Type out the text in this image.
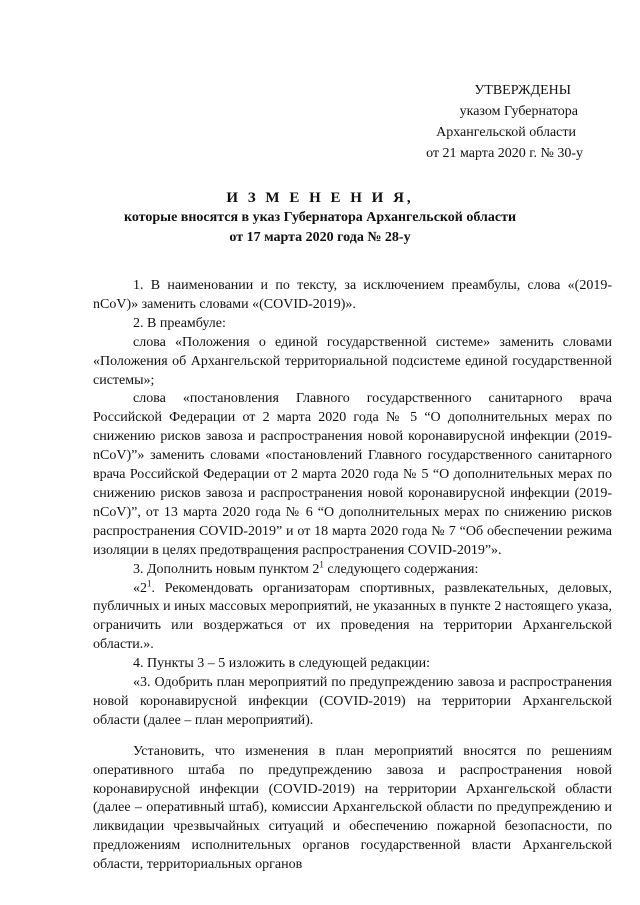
УТВЕРЖДЕНЫ
указом Губернатора
Архангельской области
от 21 марта 2020 г. № 30-у
И З М Е Н Е Н И Я,
которые вносятся в указ Губернатора Архангельской области
от 17 марта 2020 года № 28-у

1. В наименовании и по тексту, за исключением преамбулы, слова «(2019-nCoV)» заменить словами «(COVID-2019)».

2. В преамбуле:

слова «Положения о единой государственной системе» заменить словами «Положения об Архангельской территориальной подсистеме единой государственной системы»;

слова «постановления Главного государственного санитарного врача Российской Федерации от 2 марта 2020 года № 5 “О дополнительных мерах по снижению рисков завоза и распространения новой коронавирусной инфекции (2019-nCoV)”» заменить словами «постановлений Главного государственного санитарного врача Российской Федерации от 2 марта 2020 года № 5 “О дополнительных мерах по снижению рисков завоза и распространения новой коронавирусной инфекции (2019-nCoV)”, от 13 марта 2020 года № 6 “О дополнительных мерах по снижению рисков распространения COVID-2019” и от 18 марта 2020 года № 7 “Об обеспечении режима изоляции в целях предотвращения распространения COVID-2019”».

3. Дополнить новым пунктом $2^1$ следующего содержания:

«$2^1$. Рекомендовать организаторам спортивных, развлекательных, деловых, публичных и иных массовых мероприятий, не указанных в пункте 2 настоящего указа, ограничить или воздержаться от их проведения на территории Архангельской области.».

4. Пункты 3 – 5 изложить в следующей редакции:

«3. Одобрить план мероприятий по предупреждению завоза и распространения новой коронавирусной инфекции (COVID-2019) на территории Архангельской области (далее – план мероприятий).

Установить, что изменения в план мероприятий вносятся по решениям оперативного штаба по предупреждению завоза и распространения новой коронавирусной инфекции (COVID-2019) на территории Архангельской области (далее – оперативный штаб), комиссии Архангельской области по предупреждению и ликвидации чрезвычайных ситуаций и обеспечению пожарной безопасности, по предложениям исполнительных органов государственной власти Архангельской области, территориальных органов
